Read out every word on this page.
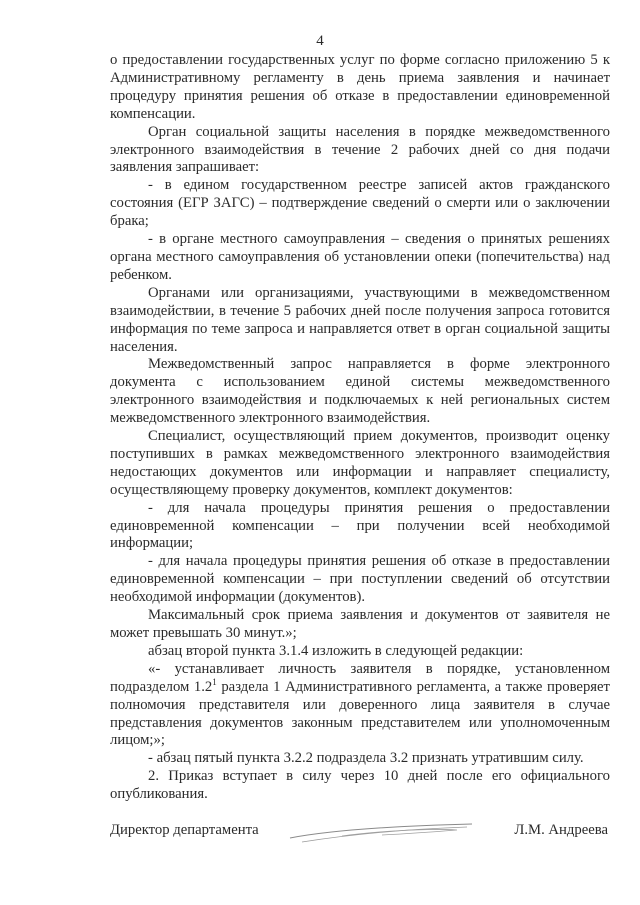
4

о предоставлении государственных услуг по форме согласно приложению 5 к Административному регламенту в день приема заявления и начинает процедуру принятия решения об отказе в предоставлении единовременной компенсации.

Орган социальной защиты населения в порядке межведомственного электронного взаимодействия в течение 2 рабочих дней со дня подачи заявления запрашивает:

- в едином государственном реестре записей актов гражданского состояния (ЕГР ЗАГС) – подтверждение сведений о смерти или о заключении брака;

- в органе местного самоуправления – сведения о принятых решениях органа местного самоуправления об установлении опеки (попечительства) над ребенком.

Органами или организациями, участвующими в межведомственном взаимодействии, в течение 5 рабочих дней после получения запроса готовится информация по теме запроса и направляется ответ в орган социальной защиты населения.

Межведомственный запрос направляется в форме электронного документа с использованием единой системы межведомственного электронного взаимодействия и подключаемых к ней региональных систем межведомственного электронного взаимодействия.

Специалист, осуществляющий прием документов, производит оценку поступивших в рамках межведомственного электронного взаимодействия недостающих документов или информации и направляет специалисту, осуществляющему проверку документов, комплект документов:

- для начала процедуры принятия решения о предоставлении единовременной компенсации – при получении всей необходимой информации;

- для начала процедуры принятия решения об отказе в предоставлении единовременной компенсации – при поступлении сведений об отсутствии необходимой информации (документов).

Максимальный срок приема заявления и документов от заявителя не может превышать 30 минут.»;

абзац второй пункта 3.1.4 изложить в следующей редакции:

«- устанавливает личность заявителя в порядке, установленном подразделом $1.2^1$ раздела 1 Административного регламента, а также проверяет полномочия представителя или доверенного лица заявителя в случае представления документов законным представителем или уполномоченным лицом;»;

- абзац пятый пункта 3.2.2 подраздела 3.2 признать утратившим силу.

2. Приказ вступает в силу через 10 дней после его официального опубликования.

Директор департамента	Л.М. Андреева
